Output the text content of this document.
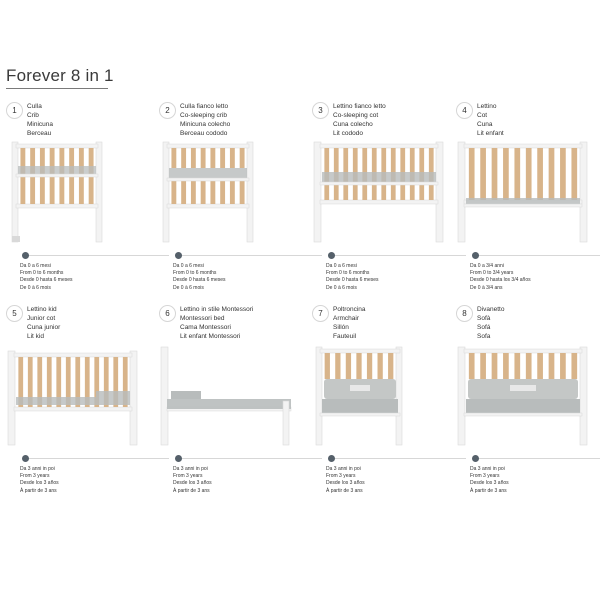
Forever 8 in 1
1	Culla
Crib
Minicuna
Berceau
Da 0 a 6 mesi
From 0 to 6 months
Desde 0 hasta 6 meses
De 0 à 6 mois
2	Culla fianco letto
Co-sleeping crib
Minicuna colecho
Berceau cododo
Da 0 a 6 mesi
From 0 to 6 months
Desde 0 hasta 6 meses
De 0 à 6 mois
3	Lettino fianco letto
Co-sleeping cot
Cuna colecho
Lit cododo
Da 0 a 6 mesi
From 0 to 6 months
Desde 0 hasta 6 meses
De 0 à 6 mois
4	Lettino
Cot
Cuna
Lit enfant
Da 0 a 3/4 anni
From 0 to 3/4 years
Desde 0 hasta los 3/4 años
De 0 à 3/4 ans
5	Lettino kid
Junior cot
Cuna junior
Lit kid
Da 3 anni in poi
From 3 years
Desde los 3 años
À partir de 3 ans
6	Lettino in stile Montessori
Montessori bed
Cama Montessori
Lit enfant Montessori
Da 3 anni in poi
From 3 years
Desde los 3 años
À partir de 3 ans
7	Poltroncina
Armchair
Sillón
Fauteuil
Da 3 anni in poi
From 3 years
Desde los 3 años
À partir de 3 ans
8	Divanetto
Sofà
Sofá
Sofa
Da 3 anni in poi
From 3 years
Desde los 3 años
À partir de 3 ans
